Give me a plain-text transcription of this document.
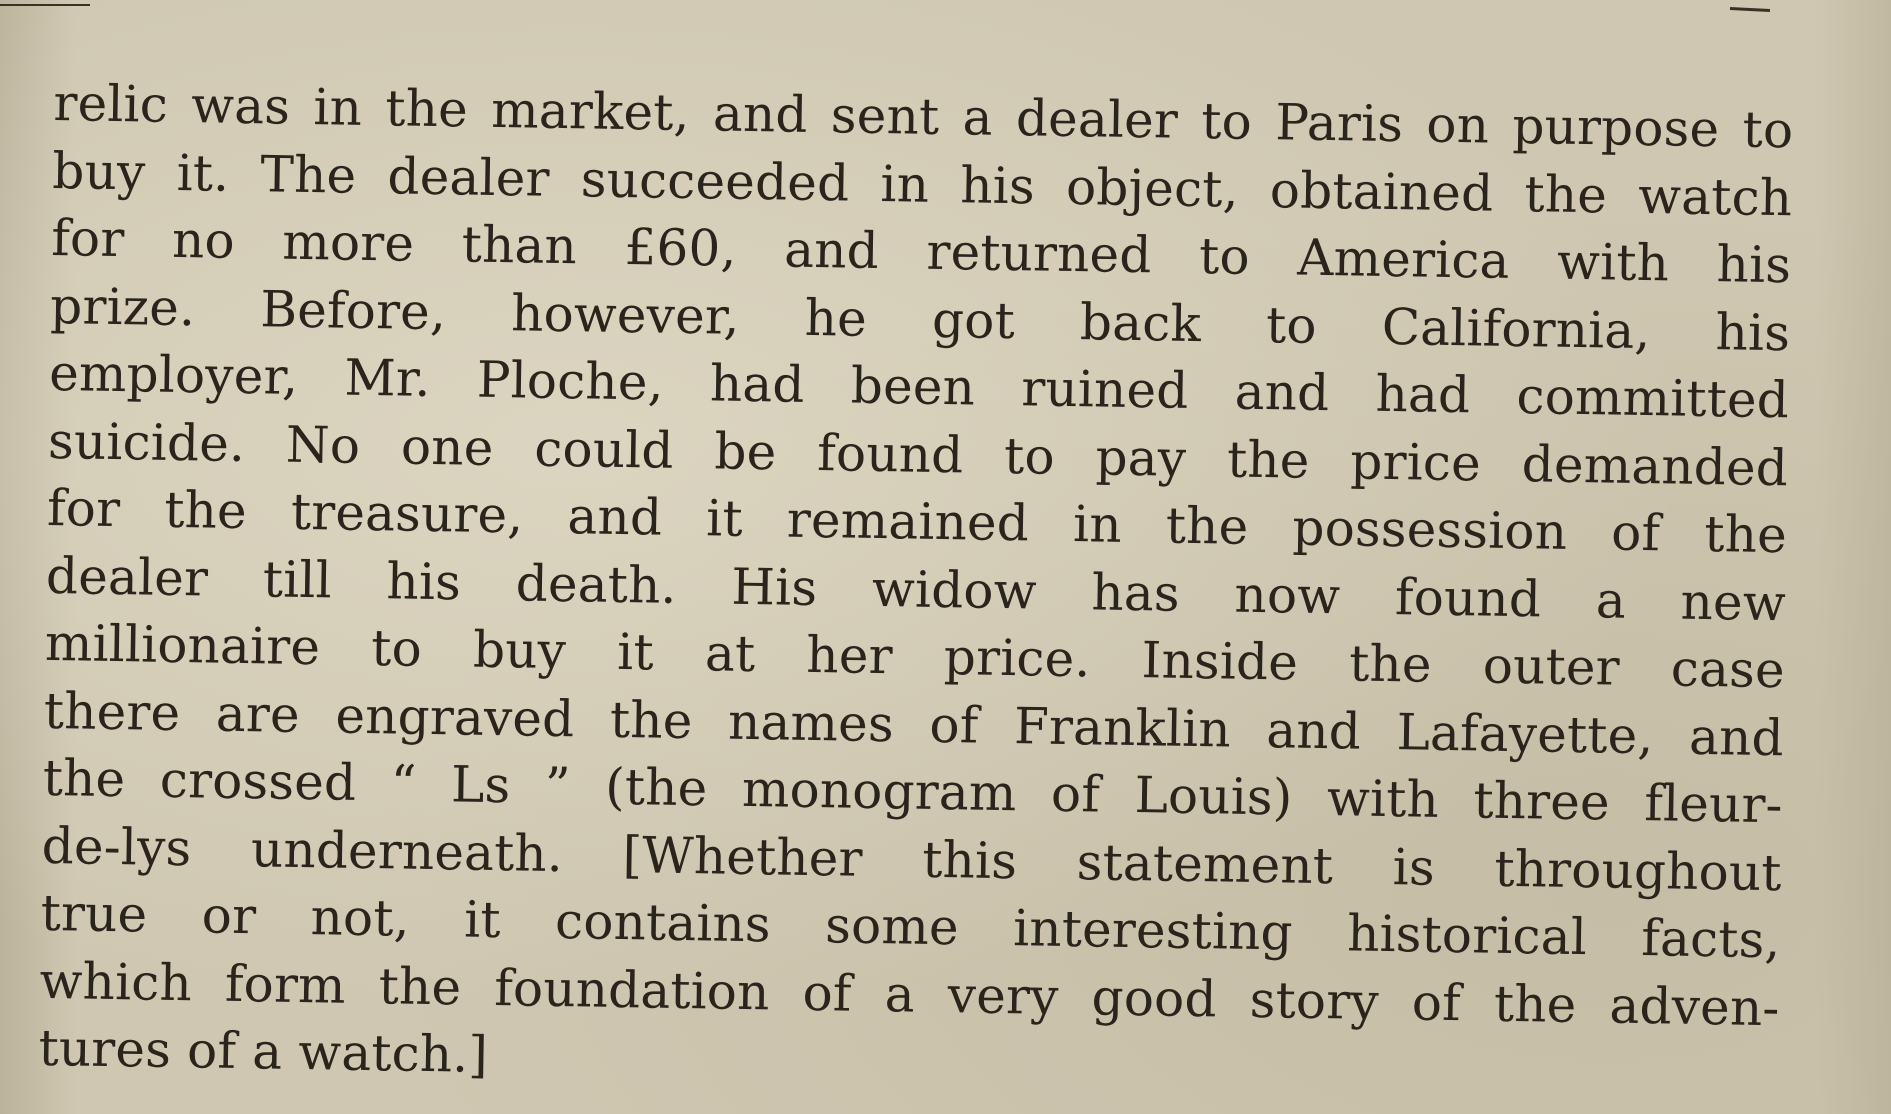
relic was in the market, and sent a dealer to Paris on purpose to
buy it. The dealer succeeded in his object, obtained the watch
for no more than £60, and returned to America with his
prize. Before, however, he got back to California, his
employer, Mr. Ploche, had been ruined and had committed
suicide. No one could be found to pay the price demanded
for the treasure, and it remained in the possession of the
dealer till his death. His widow has now found a new
millionaire to buy it at her price. Inside the outer case
there are engraved the names of Franklin and Lafayette, and
the crossed “ Ls ” (the monogram of Louis) with three fleur-
de-lys underneath. [Whether this statement is throughout
true or not, it contains some interesting historical facts,
which form the foundation of a very good story of the adven-
tures of a watch.]
